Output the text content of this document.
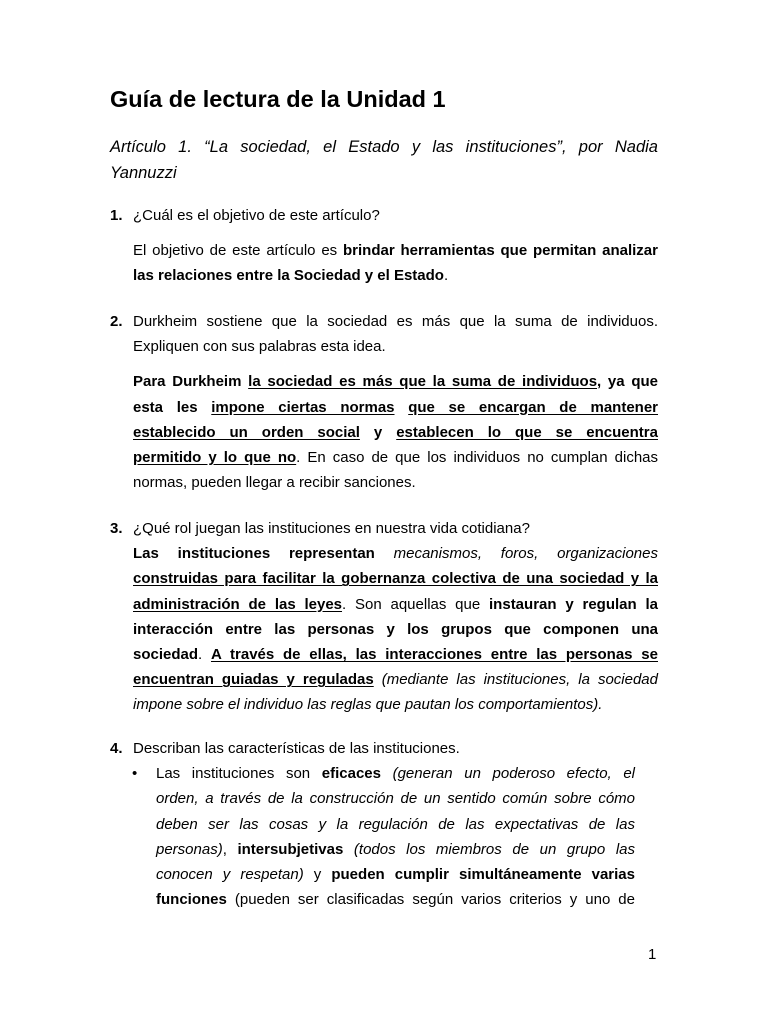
Guía de lectura de la Unidad 1
Artículo 1. “La sociedad, el Estado y las instituciones”, por Nadia
Yannuzzi
1. ¿Cuál es el objetivo de este artículo?

El objetivo de este artículo es brindar herramientas que permitan analizar

las relaciones entre la Sociedad y el Estado.

2. Durkheim sostiene que la sociedad es más que la suma de individuos.

Expliquen con sus palabras esta idea.

Para Durkheim la sociedad es más que la suma de individuos, ya que

esta les impone ciertas normas que se encargan de mantener

establecido un orden social y establecen lo que se encuentra

permitido y lo que no. En caso de que los individuos no cumplan dichas

normas, pueden llegar a recibir sanciones.

3. ¿Qué rol juegan las instituciones en nuestra vida cotidiana?

Las instituciones representan mecanismos, foros, organizaciones

construidas para facilitar la gobernanza colectiva de una sociedad y la

administración de las leyes. Son aquellas que instauran y regulan la

interacción entre las personas y los grupos que componen una

sociedad. A través de ellas, las interacciones entre las personas se

encuentran guiadas y reguladas (mediante las instituciones, la sociedad

impone sobre el individuo las reglas que pautan los comportamientos).

4. Describan las características de las instituciones.

• Las instituciones son eficaces (generan un poderoso efecto, el

orden, a través de la construcción de un sentido común sobre cómo

deben ser las cosas y la regulación de las expectativas de las

personas), intersubjetivas (todos los miembros de un grupo las

conocen y respetan) y pueden cumplir simultáneamente varias

funciones (pueden ser clasificadas según varios criterios y uno de

1
